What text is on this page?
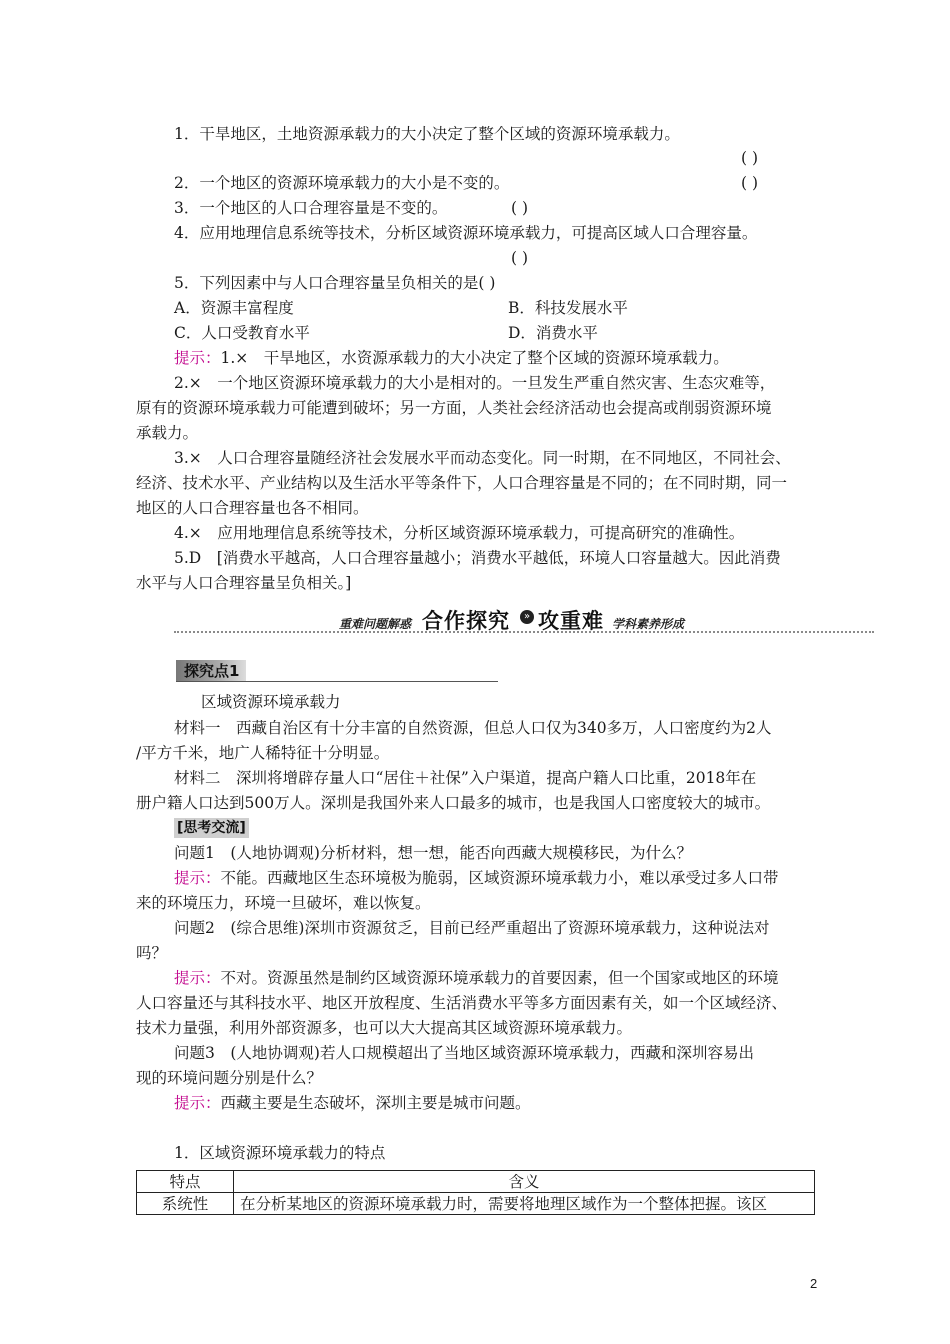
1．干旱地区，土地资源承载力的大小决定了整个区域的资源环境承载力。
( )
2．一个地区的资源环境承载力的大小是不变的。	( )
3．一个地区的人口合理容量是不变的。	( )
4．应用地理信息系统等技术，分析区域资源环境承载力，可提高区域人口合理容量。
( )
5．下列因素中与人口合理容量呈负相关的是( )
A．资源丰富程度	B．科技发展水平
C．人口受教育水平	D．消费水平
提示：1.×　干旱地区，水资源承载力的大小决定了整个区域的资源环境承载力。
2.×　一个地区资源环境承载力的大小是相对的。一旦发生严重自然灾害、生态灾难等，
原有的资源环境承载力可能遭到破坏；另一方面，人类社会经济活动也会提高或削弱资源环境
承载力。
3.×　人口合理容量随经济社会发展水平而动态变化。同一时期，在不同地区，不同社会、
经济、技术水平、产业结构以及生活水平等条件下，人口合理容量是不同的；在不同时期，同一
地区的人口合理容量也各不相同。
4.×　应用地理信息系统等技术，分析区域资源环境承载力，可提高研究的准确性。
5.D　[消费水平越高，人口合理容量越小；消费水平越低，环境人口容量越大。因此消费
水平与人口合理容量呈负相关。]
重难问题解惑 合作探究	» 攻重难 学科素养形成
探究点1
区域资源环境承载力
材料一　西藏自治区有十分丰富的自然资源，但总人口仅为340多万，人口密度约为2人
/平方千米，地广人稀特征十分明显。
材料二　深圳将增辟存量人口“居住＋社保”入户渠道，提高户籍人口比重，2018年在
册户籍人口达到500万人。深圳是我国外来人口最多的城市，也是我国人口密度较大的城市。
[思考交流]
问题1　(人地协调观)分析材料，想一想，能否向西藏大规模移民，为什么？
提示：不能。西藏地区生态环境极为脆弱，区域资源环境承载力小，难以承受过多人口带
来的环境压力，环境一旦破坏，难以恢复。
问题2　(综合思维)深圳市资源贫乏，目前已经严重超出了资源环境承载力，这种说法对
吗？
提示：不对。资源虽然是制约区域资源环境承载力的首要因素，但一个国家或地区的环境
人口容量还与其科技水平、地区开放程度、生活消费水平等多方面因素有关，如一个区域经济、
技术力量强，利用外部资源多，也可以大大提高其区域资源环境承载力。
问题3　(人地协调观)若人口规模超出了当地区域资源环境承载力，西藏和深圳容易出
现的环境问题分别是什么？
提示：西藏主要是生态破坏，深圳主要是城市问题。
1．区域资源环境承载力的特点
特点	含义
系统性	在分析某地区的资源环境承载力时，需要将地理区域作为一个整体把握。该区
2
